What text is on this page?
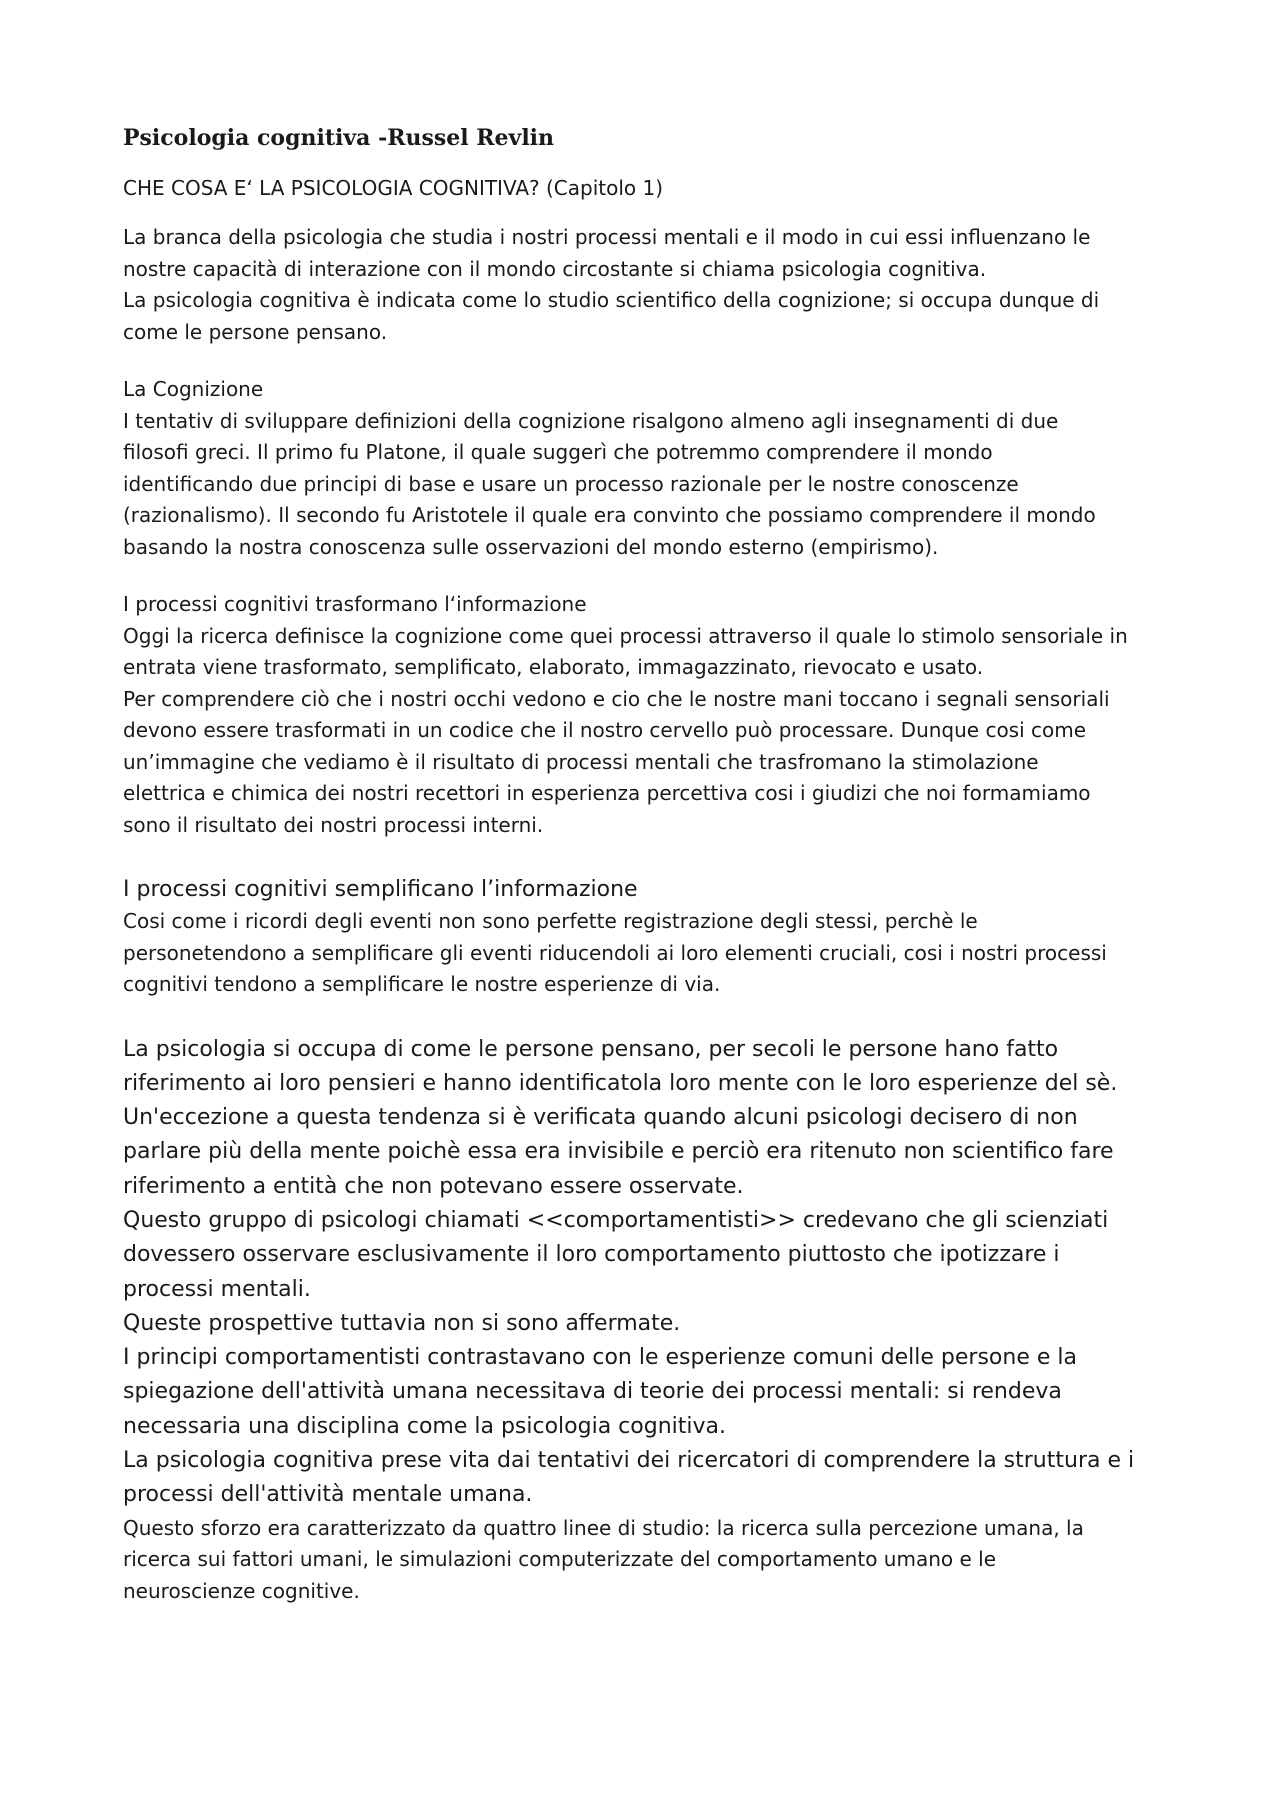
Psicologia cognitiva -Russel Revlin
CHE COSA E‘ LA PSICOLOGIA COGNITIVA? (Capitolo 1)
La branca della psicologia che studia i nostri processi mentali e il modo in cui essi influenzano le
nostre capacità di interazione con il mondo circostante si chiama psicologia cognitiva.
La psicologia cognitiva è indicata come lo studio scientifico della cognizione; si occupa dunque di
come le persone pensano.
La Cognizione
I tentativ di sviluppare definizioni della cognizione risalgono almeno agli insegnamenti di due
filosofi greci. Il primo fu Platone, il quale suggerì che potremmo comprendere il mondo
identificando due principi di base e usare un processo razionale per le nostre conoscenze
(razionalismo). Il secondo fu Aristotele il quale era convinto che possiamo comprendere il mondo
basando la nostra conoscenza sulle osservazioni del mondo esterno (empirismo).
I processi cognitivi trasformano l‘informazione
Oggi la ricerca definisce la cognizione come quei processi attraverso il quale lo stimolo sensoriale in
entrata viene trasformato, semplificato, elaborato, immagazzinato, rievocato e usato.
Per comprendere ciò che i nostri occhi vedono e cio che le nostre mani toccano i segnali sensoriali
devono essere trasformati in un codice che il nostro cervello può processare. Dunque cosi come
un’immagine che vediamo è il risultato di processi mentali che trasfromano la stimolazione
elettrica e chimica dei nostri recettori in esperienza percettiva cosi i giudizi che noi formamiamo
sono il risultato dei nostri processi interni.
I processi cognitivi semplificano l’informazione
Cosi come i ricordi degli eventi non sono perfette registrazione degli stessi, perchè le
personetendono a semplificare gli eventi riducendoli ai loro elementi cruciali, cosi i nostri processi
cognitivi tendono a semplificare le nostre esperienze di via.
La psicologia si occupa di come le persone pensano, per secoli le persone hano fatto
riferimento ai loro pensieri e hanno identificatola loro mente con le loro esperienze del sè.
Un'eccezione a questa tendenza si è verificata quando alcuni psicologi decisero di non
parlare più della mente poichè essa era invisibile e perciò era ritenuto non scientifico fare
riferimento a entità che non potevano essere osservate.
Questo gruppo di psicologi chiamati <<comportamentisti>> credevano che gli scienziati
dovessero osservare esclusivamente il loro comportamento piuttosto che ipotizzare i
processi mentali.
Queste prospettive tuttavia non si sono affermate.
I principi comportamentisti contrastavano con le esperienze comuni delle persone e la
spiegazione dell'attività umana necessitava di teorie dei processi mentali: si rendeva
necessaria una disciplina come la psicologia cognitiva.
La psicologia cognitiva prese vita dai tentativi dei ricercatori di comprendere la struttura e i
processi dell'attività mentale umana.
Questo sforzo era caratterizzato da quattro linee di studio: la ricerca sulla percezione umana, la
ricerca sui fattori umani, le simulazioni computerizzate del comportamento umano e le
neuroscienze cognitive.
